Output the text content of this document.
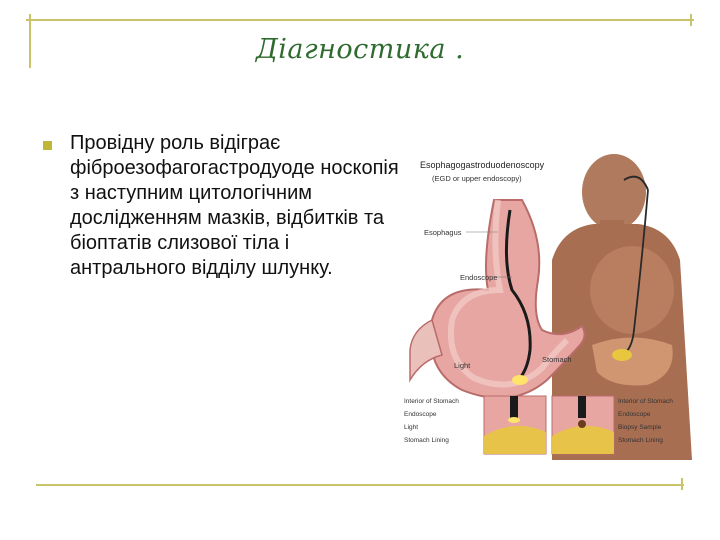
Діагностика .
Провідну роль відіграє фіброезофагогастродуоде носкопія з наступним цитологічним дослідженням мазків, відбитків та біоптатів слизової тіла і антрального відділу шлунку.
Esophagogastroduodenoscopy
(EGD or upper endoscopy)
Esophagus
Endoscope
Stomach
Light
Interior of Stomach
Endoscope
Light
Stomach Lining
Interior of Stomach
Endoscope
Biopsy Sample
Stomach Lining
